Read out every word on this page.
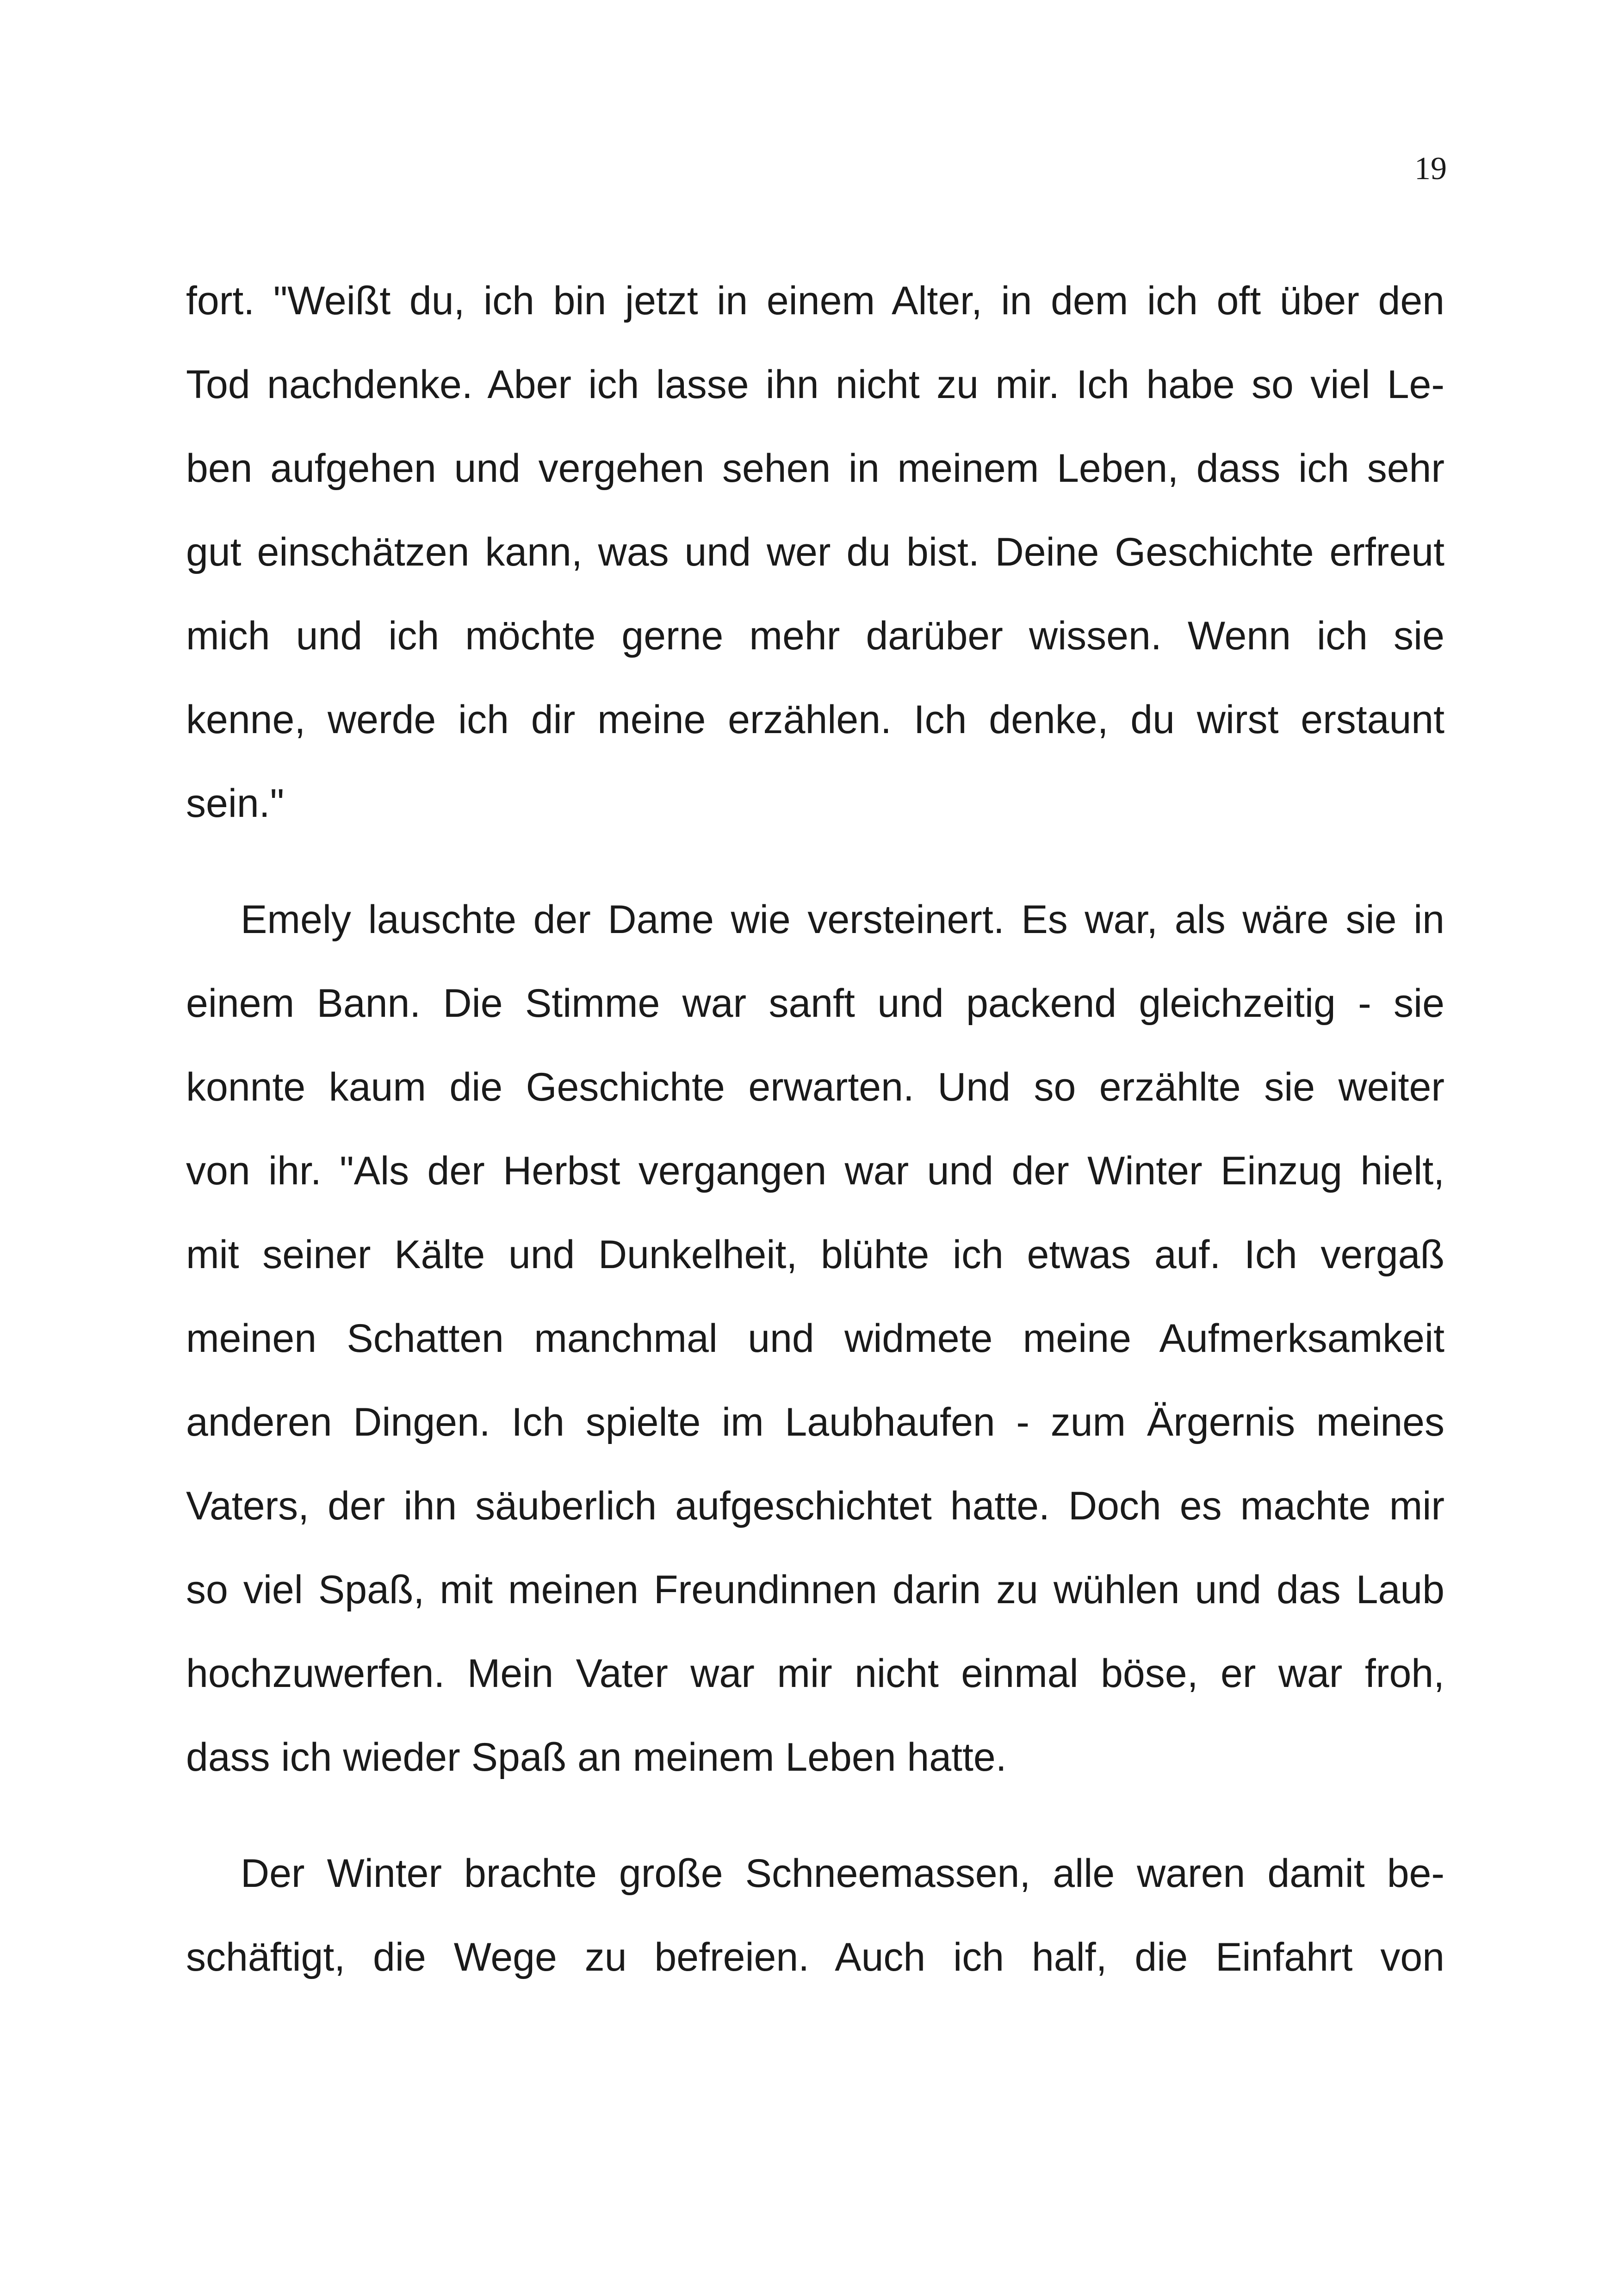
19
fort. "Weißt du, ich bin jetzt in einem Alter, in dem ich oft über den
Tod nachdenke. Aber ich lasse ihn nicht zu mir. Ich habe so viel Le-
ben aufgehen und vergehen sehen in meinem Leben, dass ich sehr
gut einschätzen kann, was und wer du bist. Deine Geschichte erfreut
mich und ich möchte gerne mehr darüber wissen. Wenn ich sie
kenne, werde ich dir meine erzählen. Ich denke, du wirst erstaunt
sein."
Emely lauschte der Dame wie versteinert. Es war, als wäre sie in
einem Bann. Die Stimme war sanft und packend gleichzeitig - sie
konnte kaum die Geschichte erwarten. Und so erzählte sie weiter
von ihr. "Als der Herbst vergangen war und der Winter Einzug hielt,
mit seiner Kälte und Dunkelheit, blühte ich etwas auf. Ich vergaß
meinen Schatten manchmal und widmete meine Aufmerksamkeit
anderen Dingen. Ich spielte im Laubhaufen - zum Ärgernis meines
Vaters, der ihn säuberlich aufgeschichtet hatte. Doch es machte mir
so viel Spaß, mit meinen Freundinnen darin zu wühlen und das Laub
hochzuwerfen. Mein Vater war mir nicht einmal böse, er war froh,
dass ich wieder Spaß an meinem Leben hatte.
Der Winter brachte große Schneemassen, alle waren damit be-
schäftigt, die Wege zu befreien. Auch ich half, die Einfahrt von
